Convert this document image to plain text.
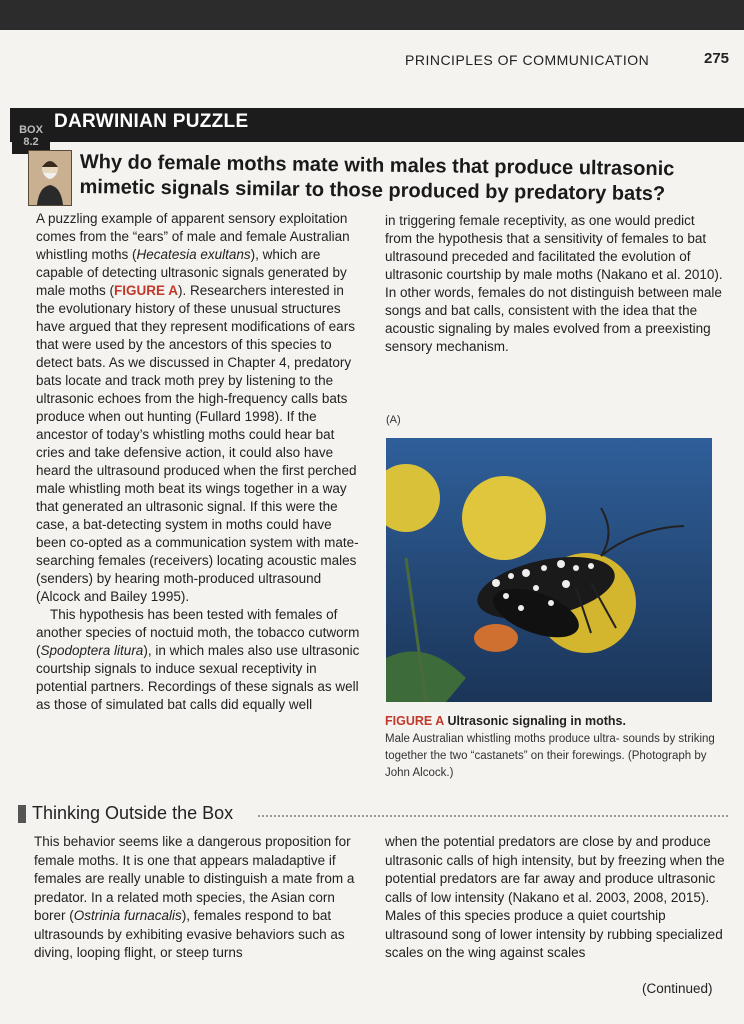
PRINCIPLES OF COMMUNICATION	275
BOX
8.2
DARWINIAN PUZZLE
Why do female moths mate with males that produce ultrasonic mimetic signals similar to those produced by predatory bats?

A puzzling example of apparent sensory exploitation comes from the “ears” of male and female Australian whistling moths (Hecatesia exultans), which are capable of detecting ultrasonic signals generated by male moths (FIGURE A). Researchers interested in the evolutionary history of these unusual structures have argued that they represent modifications of ears that were used by the ancestors of this species to detect bats. As we discussed in Chapter 4, predatory bats locate and track moth prey by listening to the ultrasonic echoes from the high-frequency calls bats produce when out hunting (Fullard 1998). If the ancestor of today’s whistling moths could hear bat cries and take defensive action, it could also have heard the ultrasound produced when the first perched male whistling moth beat its wings together in a way that generated an ultrasonic signal. If this were the case, a bat-detecting system in moths could have been co-opted as a communication system with mate-searching females (receivers) locating acoustic males (senders) by hearing moth-produced ultrasound (Alcock and Bailey 1995).

This hypothesis has been tested with females of another species of noctuid moth, the tobacco cutworm (Spodoptera litura), in which males also use ultrasonic courtship signals to induce sexual receptivity in potential partners. Recordings of these signals as well as those of simulated bat calls did equally well

in triggering female receptivity, as one would predict from the hypothesis that a sensitivity of females to bat ultrasound preceded and facilitated the evolution of ultrasonic courtship by male moths (Nakano et al. 2010). In other words, females do not distinguish between male songs and bat calls, consistent with the idea that the acoustic signaling by males evolved from a preexisting sensory mechanism.
(A)
FIGURE A Ultrasonic signaling in moths.
Male Australian whistling moths produce ultra- sounds by striking together the two “castanets” on their forewings. (Photograph by John Alcock.)
Thinking Outside the Box
This behavior seems like a dangerous proposition for female moths. It is one that appears maladaptive if females are really unable to distinguish a mate from a predator. In a related moth species, the Asian corn borer (Ostrinia furnacalis), females respond to bat ultrasounds by exhibiting evasive behaviors such as diving, looping flight, or steep turns
when the potential predators are close by and produce ultrasonic calls of high intensity, but by freezing when the potential predators are far away and produce ultrasonic calls of low intensity (Nakano et al. 2003, 2008, 2015). Males of this species produce a quiet courtship ultrasound song of lower intensity by rubbing specialized scales on the wing against scales
(Continued)
